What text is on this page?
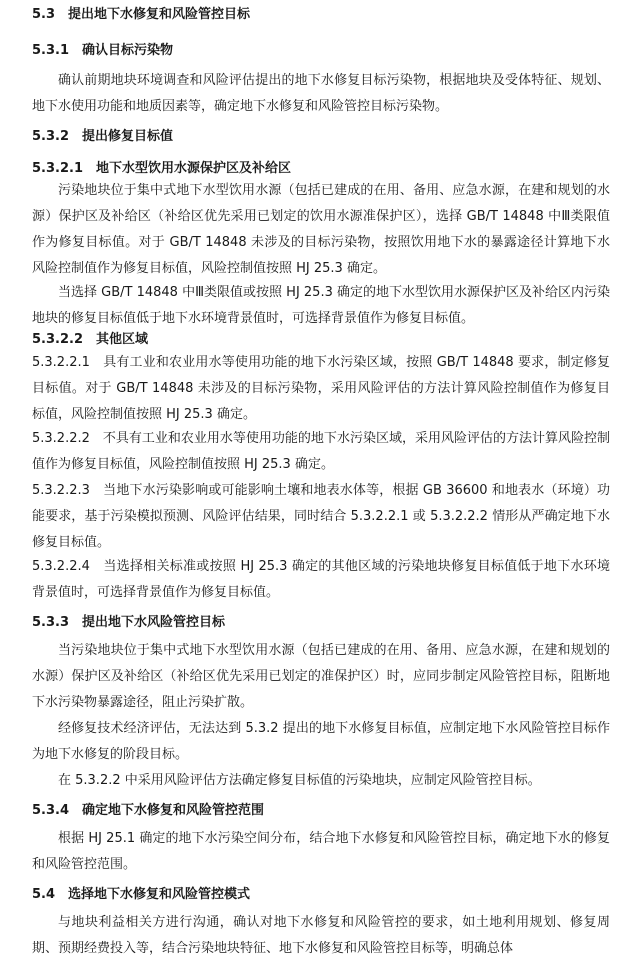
5.3　提出地下水修复和风险管控目标
5.3.1　确认目标污染物
确认前期地块环境调查和风险评估提出的地下水修复目标污染物，根据地块及受体特征、规划、地下水使用功能和地质因素等，确定地下水修复和风险管控目标污染物。
5.3.2　提出修复目标值
5.3.2.1　地下水型饮用水源保护区及补给区
污染地块位于集中式地下水型饮用水源（包括已建成的在用、备用、应急水源，在建和规划的水源）保护区及补给区（补给区优先采用已划定的饮用水源准保护区），选择 GB/T 14848 中Ⅲ类限值作为修复目标值。对于 GB/T 14848 未涉及的目标污染物，按照饮用地下水的暴露途径计算地下水风险控制值作为修复目标值，风险控制值按照 HJ 25.3 确定。
当选择 GB/T 14848 中Ⅲ类限值或按照 HJ 25.3 确定的地下水型饮用水源保护区及补给区内污染地块的修复目标值低于地下水环境背景值时，可选择背景值作为修复目标值。
5.3.2.2　其他区域
5.3.2.2.1　具有工业和农业用水等使用功能的地下水污染区域，按照 GB/T 14848 要求，制定修复目标值。对于 GB/T 14848 未涉及的目标污染物，采用风险评估的方法计算风险控制值作为修复目标值，风险控制值按照 HJ 25.3 确定。
5.3.2.2.2　不具有工业和农业用水等使用功能的地下水污染区域，采用风险评估的方法计算风险控制值作为修复目标值，风险控制值按照 HJ 25.3 确定。
5.3.2.2.3　当地下水污染影响或可能影响土壤和地表水体等，根据 GB 36600 和地表水（环境）功能要求，基于污染模拟预测、风险评估结果，同时结合 5.3.2.2.1 或 5.3.2.2.2 情形从严确定地下水修复目标值。
5.3.2.2.4　当选择相关标准或按照 HJ 25.3 确定的其他区域的污染地块修复目标值低于地下水环境背景值时，可选择背景值作为修复目标值。
5.3.3　提出地下水风险管控目标
当污染地块位于集中式地下水型饮用水源（包括已建成的在用、备用、应急水源，在建和规划的水源）保护区及补给区（补给区优先采用已划定的准保护区）时，应同步制定风险管控目标，阻断地下水污染物暴露途径，阻止污染扩散。
经修复技术经济评估，无法达到 5.3.2 提出的地下水修复目标值，应制定地下水风险管控目标作为地下水修复的阶段目标。
在 5.3.2.2 中采用风险评估方法确定修复目标值的污染地块，应制定风险管控目标。
5.3.4　确定地下水修复和风险管控范围
根据 HJ 25.1 确定的地下水污染空间分布，结合地下水修复和风险管控目标，确定地下水的修复和风险管控范围。
5.4　选择地下水修复和风险管控模式
与地块利益相关方进行沟通，确认对地下水修复和风险管控的要求，如土地利用规划、修复周期、预期经费投入等，结合污染地块特征、地下水修复和风险管控目标等，明确总体
